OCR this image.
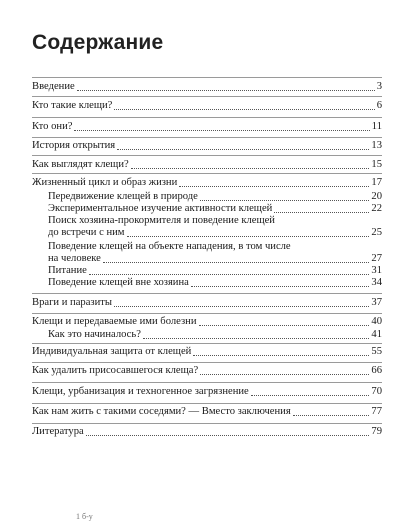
Содержание
Введение	3
Кто такие клещи?	6
Кто они?	11
История открытия	13
Как выглядят клещи?	15
Жизненный цикл и образ жизни	17
Передвижение клещей в природе	20
Экспериментальное изучение активности клещей	22
Поиск хозяина-прокормителя и поведение клещей
до встречи с ним	25
Поведение клещей на объекте нападения, в том числе
на человеке	27
Питание	31
Поведение клещей вне хозяина	34
Враги и паразиты	37
Клещи и передаваемые ими болезни	40
Как это начиналось?	41
Индивидуальная защита от клещей	55
Как удалить присосавшегося клеща?	66
Клещи, урбанизация и техногенное загрязнение	70
Как нам жить с такими соседями? — Вместо заключения	77
Литература	79
1 б-у
